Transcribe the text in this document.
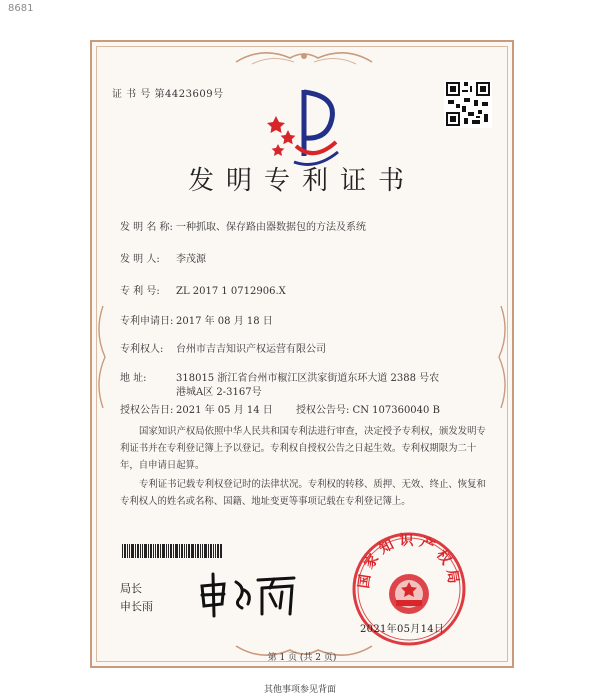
8681
证 书 号 第4423609号
发明专利证书
发 明 名 称: 一种抓取、保存路由器数据包的方法及系统
发 明 人: 李茂源
专 利 号: ZL 2017 1 0712906.X
专利申请日: 2017 年 08 月 18 日
专利权人: 台州市吉吉知识产权运营有限公司
地 址:	318015 浙江省台州市椒江区洪家街道东环大道 2388 号农
港城A区 2-3167号
授权公告日: 2021 年 05 月 14 日 授权公告号: CN 107360040 B
国家知识产权局依照中华人民共和国专利法进行审查，决定授予专利权，颁发发明专利证书并在专利登记簿上予以登记。专利权自授权公告之日起生效。专利权期限为二十年，自申请日起算。
专利证书记载专利权登记时的法律状况。专利权的转移、质押、无效、终止、恢复和专利权人的姓名或名称、国籍、地址变更等事项记载在专利登记簿上。
局长
申长雨
国家知识产权局
2021年05月14日
第 1 页 (共 2 页)
其他事项参见背面
